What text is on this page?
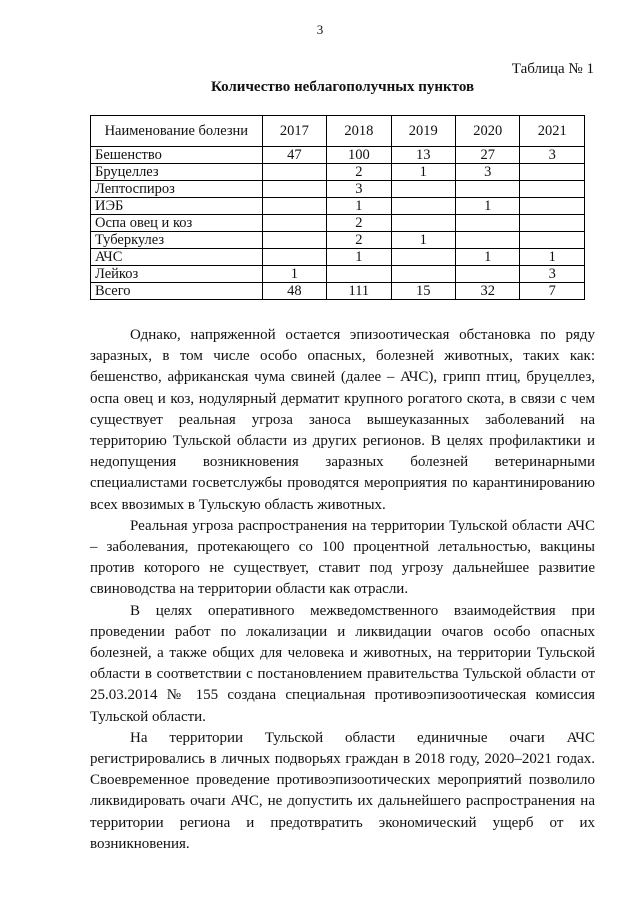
3
Таблица № 1
Количество неблагополучных пунктов
Наименование болезни	2017	2018	2019	2020	2021
Бешенство	47	100	13	27	3
Бруцеллез		2	1	3	
Лептоспироз		3			
ИЭБ		1		1	
Оспа овец и коз		2			
Туберкулез		2	1		
АЧС		1		1	1
Лейкоз	1				3
Всего	48	111	15	32	7

Однако, напряженной остается эпизоотическая обстановка по ряду заразных, в том числе особо опасных, болезней животных, таких как: бешенство, африканская чума свиней (далее – АЧС), грипп птиц, бруцеллез, оспа овец и коз, нодулярный дерматит крупного рогатого скота, в связи с чем существует реальная угроза заноса вышеуказанных заболеваний на территорию Тульской области из других регионов. В целях профилактики и недопущения возникновения заразных болезней ветеринарными специалистами госветслужбы проводятся мероприятия по карантинированию всех ввозимых в Тульскую область животных.

Реальная угроза распространения на территории Тульской области АЧС – заболевания, протекающего со 100 процентной летальностью, вакцины против которого не существует, ставит под угрозу дальнейшее развитие свиноводства на территории области как отрасли.

В целях оперативного межведомственного взаимодействия при проведении работ по локализации и ликвидации очагов особо опасных болезней, а также общих для человека и животных, на территории Тульской области в соответствии с постановлением правительства Тульской области от 25.03.2014 № 155 создана специальная противоэпизоотическая комиссия Тульской области.

На территории Тульской области единичные очаги АЧС регистрировались в личных подворьях граждан в 2018 году, 2020–2021 годах. Своевременное проведение противоэпизоотических мероприятий позволило ликвидировать очаги АЧС, не допустить их дальнейшего распространения на территории региона и предотвратить экономический ущерб от их возникновения.
